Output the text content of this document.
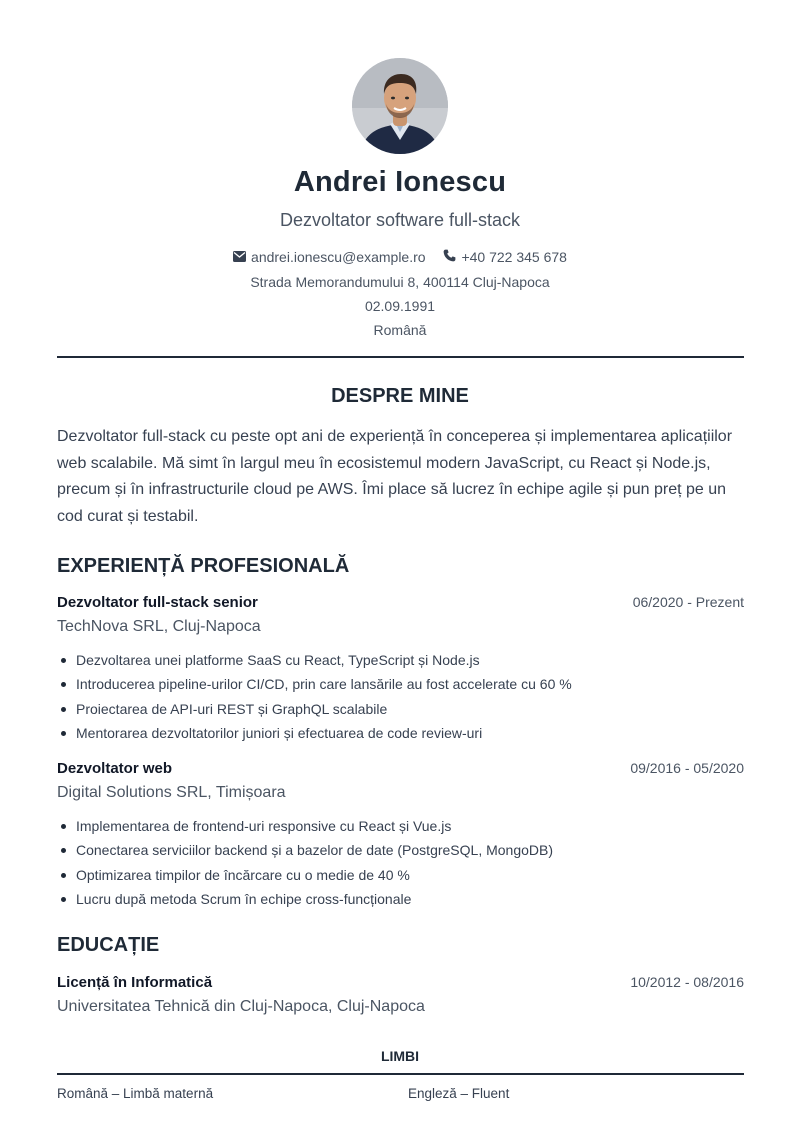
Andrei Ionescu
Dezvoltator software full-stack
andrei.ionescu@example.ro
	+40 722 345 678
Strada Memorandumului 8, 400114 Cluj-Napoca
02.09.1991
Română
DESPRE MINE
Dezvoltator full-stack cu peste opt ani de experiență în conceperea și implementarea aplicațiilor web scalabile. Mă simt în largul meu în ecosistemul modern JavaScript, cu React și Node.js, precum și în infrastructurile cloud pe AWS. Îmi place să lucrez în echipe agile și pun preț pe un cod curat și testabil.
EXPERIENȚĂ PROFESIONALĂ
Dezvoltator full-stack senior	06/2020 - Prezent
TechNova SRL, Cluj-Napoca
Dezvoltarea unei platforme SaaS cu React, TypeScript și Node.js
Introducerea pipeline-urilor CI/CD, prin care lansările au fost accelerate cu 60 %
Proiectarea de API-uri REST și GraphQL scalabile
Mentorarea dezvoltatorilor juniori și efectuarea de code review-uri
Dezvoltator web	09/2016 - 05/2020
Digital Solutions SRL, Timișoara
Implementarea de frontend-uri responsive cu React și Vue.js
Conectarea serviciilor backend și a bazelor de date (PostgreSQL, MongoDB)
Optimizarea timpilor de încărcare cu o medie de 40 %
Lucru după metoda Scrum în echipe cross-funcționale
EDUCAȚIE
Licență în Informatică	10/2012 - 08/2016
Universitatea Tehnică din Cluj-Napoca, Cluj-Napoca
LIMBI
Română – Limbă maternă	Engleză – Fluent
